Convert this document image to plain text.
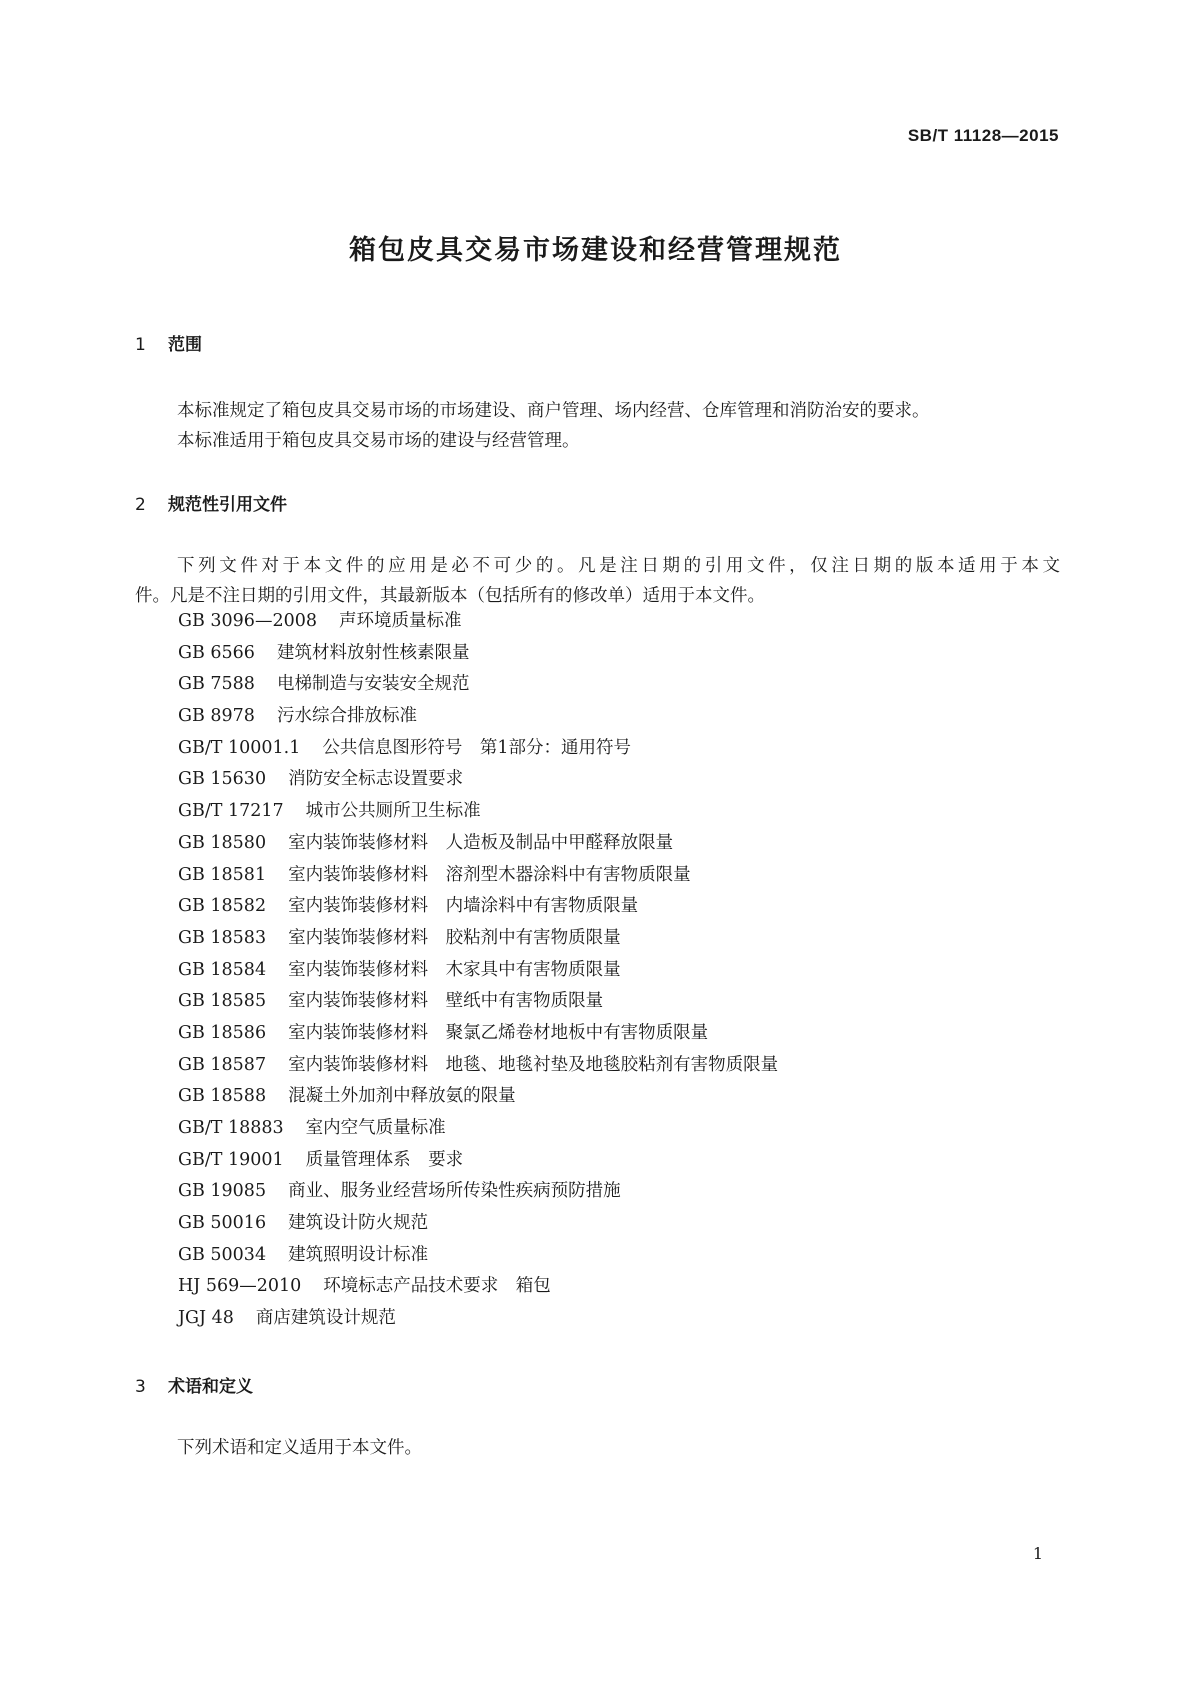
SB/T 11128—2015
箱包皮具交易市场建设和经营管理规范
1 范围
本标准规定了箱包皮具交易市场的市场建设、商户管理、场内经营、仓库管理和消防治安的要求。
本标准适用于箱包皮具交易市场的建设与经营管理。
2 规范性引用文件
下列文件对于本文件的应用是必不可少的。凡是注日期的引用文件，仅注日期的版本适用于本文
件。凡是不注日期的引用文件，其最新版本（包括所有的修改单）适用于本文件。
GB 3096—2008 声环境质量标准
GB 6566 建筑材料放射性核素限量
GB 7588 电梯制造与安装安全规范
GB 8978 污水综合排放标准
GB/T 10001.1 公共信息图形符号　第1部分：通用符号
GB 15630 消防安全标志设置要求
GB/T 17217 城市公共厕所卫生标准
GB 18580 室内装饰装修材料　人造板及制品中甲醛释放限量
GB 18581 室内装饰装修材料　溶剂型木器涂料中有害物质限量
GB 18582 室内装饰装修材料　内墙涂料中有害物质限量
GB 18583 室内装饰装修材料　胶粘剂中有害物质限量
GB 18584 室内装饰装修材料　木家具中有害物质限量
GB 18585 室内装饰装修材料　壁纸中有害物质限量
GB 18586 室内装饰装修材料　聚氯乙烯卷材地板中有害物质限量
GB 18587 室内装饰装修材料　地毯、地毯衬垫及地毯胶粘剂有害物质限量
GB 18588 混凝土外加剂中释放氨的限量
GB/T 18883 室内空气质量标准
GB/T 19001 质量管理体系　要求
GB 19085 商业、服务业经营场所传染性疾病预防措施
GB 50016 建筑设计防火规范
GB 50034 建筑照明设计标准
HJ 569—2010 环境标志产品技术要求　箱包
JGJ 48 商店建筑设计规范
3 术语和定义
下列术语和定义适用于本文件。
1
